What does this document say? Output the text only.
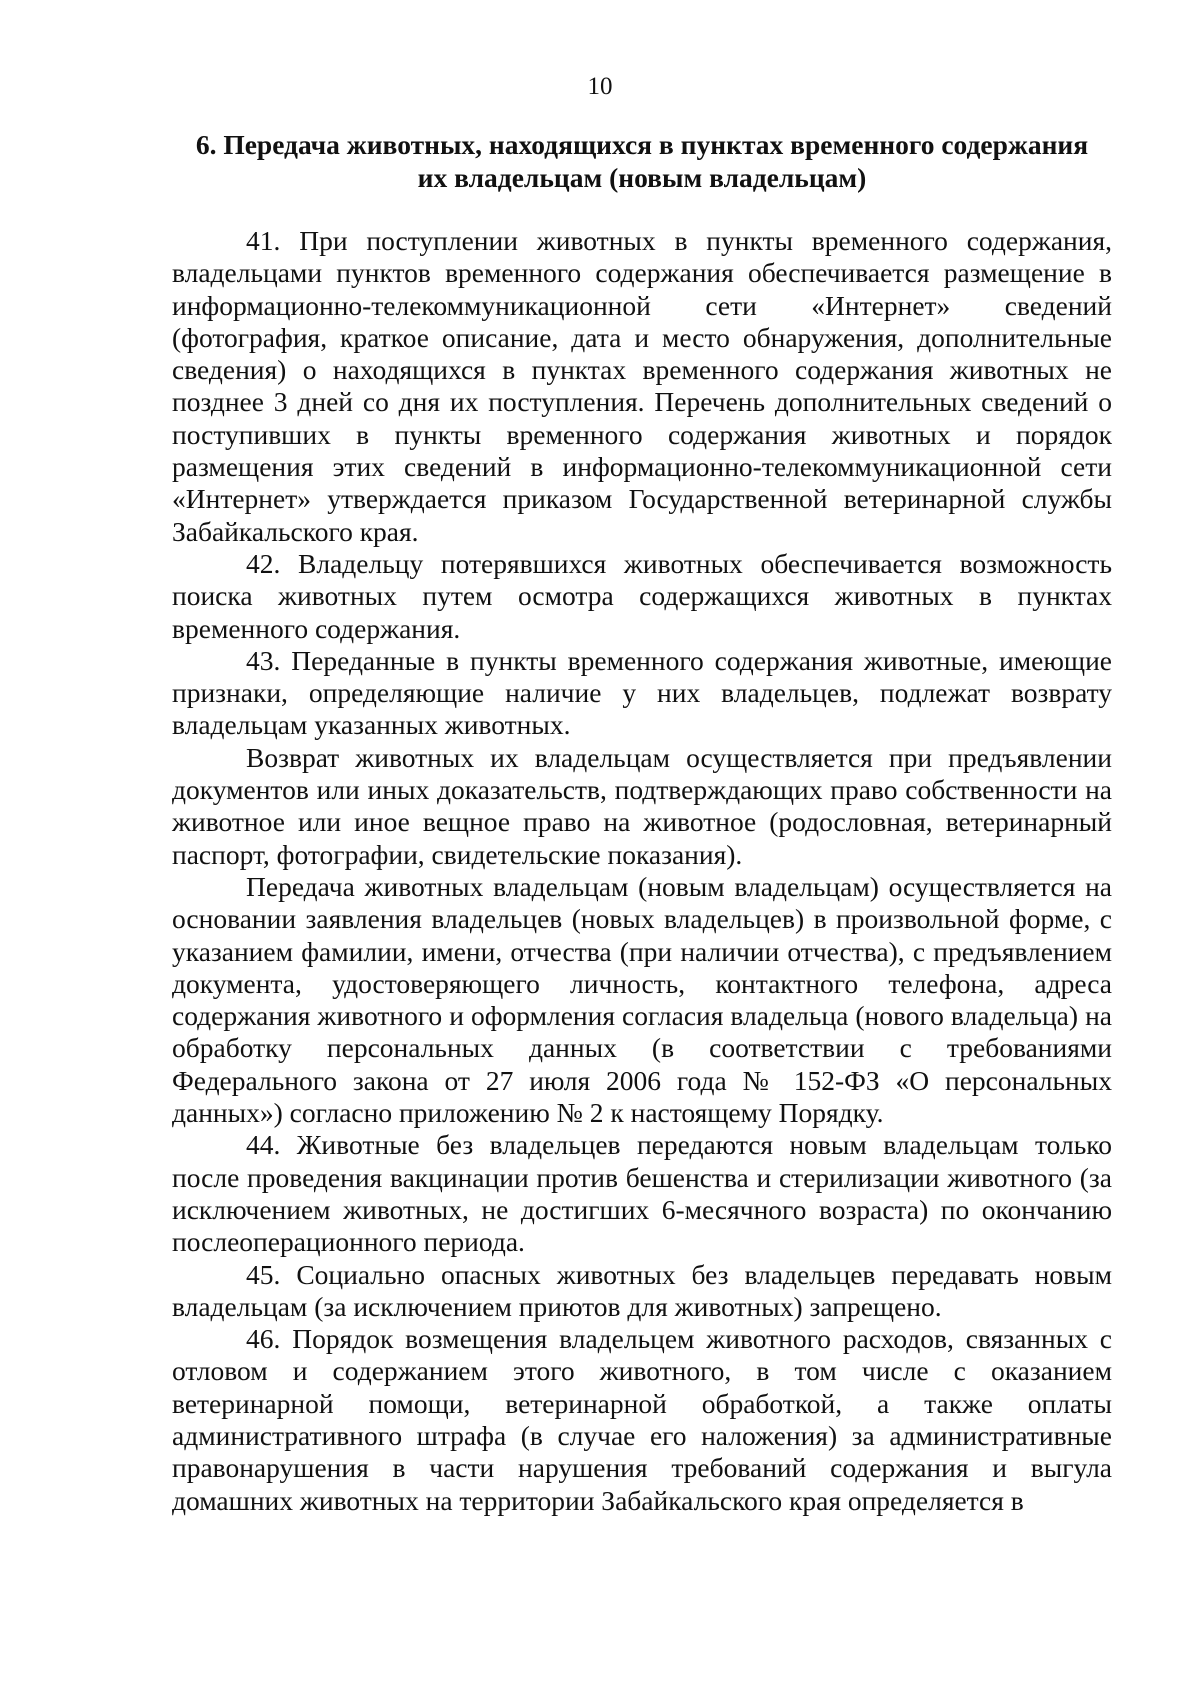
10

6. Передача животных, находящихся в пунктах временного содержания
их владельцам (новым владельцам)

41. При поступлении животных в пункты временного содержания, владельцами пунктов временного содержания обеспечивается размещение в информационно-телекоммуникационной сети «Интернет» сведений (фотография, краткое описание, дата и место обнаружения, дополнительные сведения) о находящихся в пунктах временного содержания животных не позднее 3 дней со дня их поступления. Перечень дополнительных сведений о поступивших в пункты временного содержания животных и порядок размещения этих сведений в информационно-телекоммуникационной сети «Интернет» утверждается приказом Государственной ветеринарной службы Забайкальского края.

42. Владельцу потерявшихся животных обеспечивается возможность поиска животных путем осмотра содержащихся животных в пунктах временного содержания.

43. Переданные в пункты временного содержания животные, имеющие признаки, определяющие наличие у них владельцев, подлежат возврату владельцам указанных животных.

Возврат животных их владельцам осуществляется при предъявлении документов или иных доказательств, подтверждающих право собственности на животное или иное вещное право на животное (родословная, ветеринарный паспорт, фотографии, свидетельские показания).

Передача животных владельцам (новым владельцам) осуществляется на основании заявления владельцев (новых владельцев) в произвольной форме, с указанием фамилии, имени, отчества (при наличии отчества), с предъявлением документа, удостоверяющего личность, контактного телефона, адреса содержания животного и оформления согласия владельца (нового владельца) на обработку персональных данных (в соответствии с требованиями Федерального закона от 27 июля 2006 года № 152-ФЗ «О персональных данных») согласно приложению № 2 к настоящему Порядку.

44. Животные без владельцев передаются новым владельцам только после проведения вакцинации против бешенства и стерилизации животного (за исключением животных, не достигших 6-месячного возраста) по окончанию послеоперационного периода.

45. Социально опасных животных без владельцев передавать новым владельцам (за исключением приютов для животных) запрещено.

46. Порядок возмещения владельцем животного расходов, связанных с отловом и содержанием этого животного, в том числе с оказанием ветеринарной помощи, ветеринарной обработкой, а также оплаты административного штрафа (в случае его наложения) за административные правонарушения в части нарушения требований содержания и выгула домашних животных на территории Забайкальского края определяется в
